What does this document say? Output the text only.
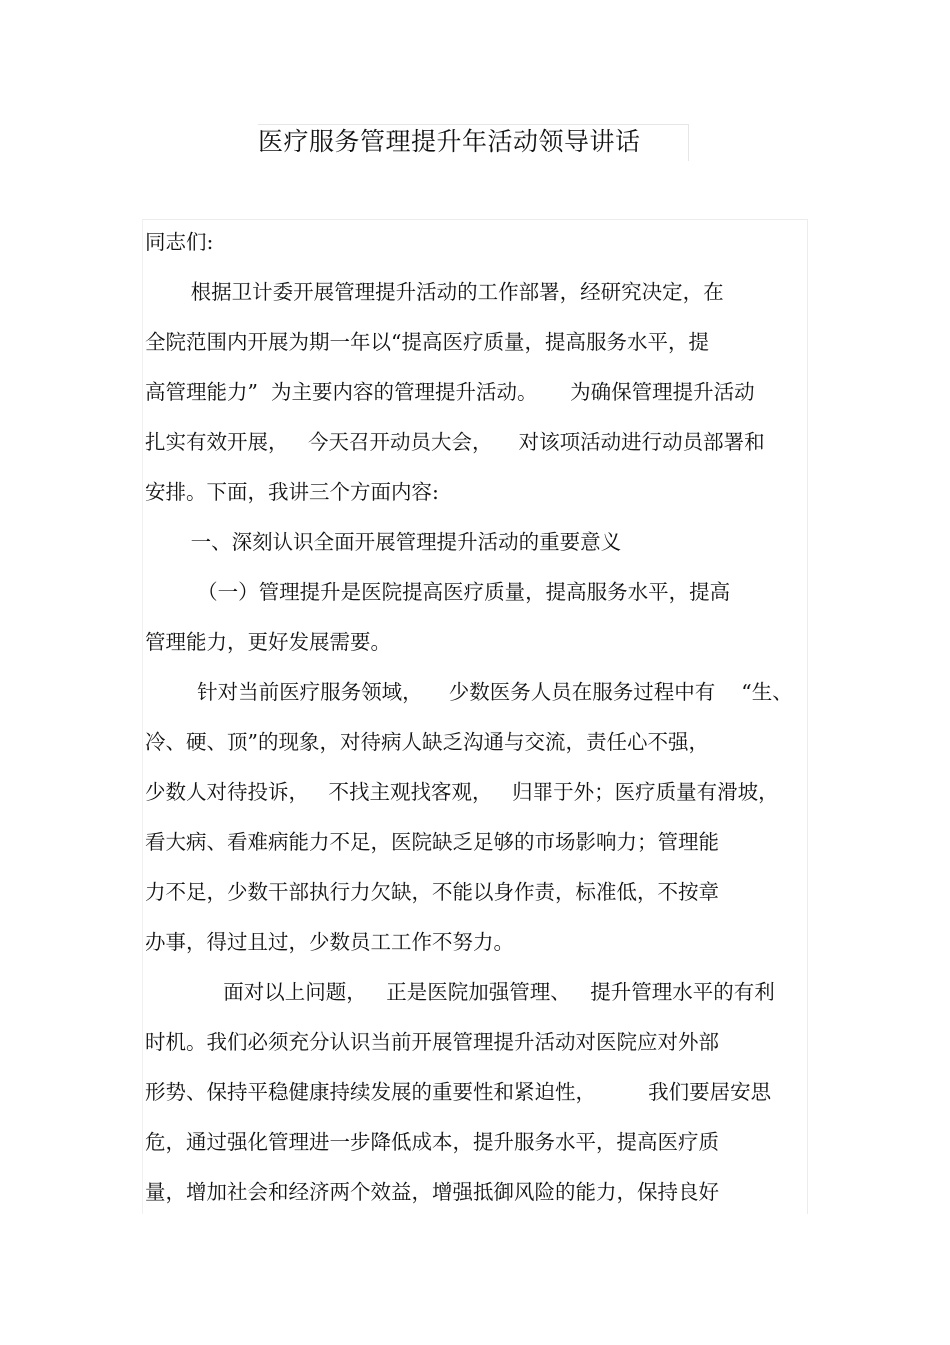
医疗服务管理提升年活动领导讲话
同志们:
根据卫计委开展管理提升活动的工作部署，经研究决定，在
全院范围内开展为期一年以“提高医疗质量，提高服务水平，提
高管理能力”  为主要内容的管理提升活动。     为确保管理提升活动
扎实有效开展，   今天召开动员大会，    对该项活动进行动员部署和
安排。下面，我讲三个方面内容:
一、深刻认识全面开展管理提升活动的重要意义
（一）管理提升是医院提高医疗质量，提高服务水平，提高
管理能力，更好发展需要。
针对当前医疗服务领域，    少数医务人员在服务过程中有    “生、
冷、硬、顶”的现象，对待病人缺乏沟通与交流，责任心不强，
少数人对待投诉，   不找主观找客观，   归罪于外；医疗质量有滑坡，
看大病、看难病能力不足，医院缺乏足够的市场影响力；管理能
力不足，少数干部执行力欠缺，不能以身作责，标准低，不按章
办事，得过且过，少数员工工作不努力。
面对以上问题，   正是医院加强管理、   提升管理水平的有利
时机。我们必须充分认识当前开展管理提升活动对医院应对外部
形势、保持平稳健康持续发展的重要性和紧迫性，        我们要居安思
危，通过强化管理进一步降低成本，提升服务水平，提高医疗质
量，增加社会和经济两个效益，增强抵御风险的能力，保持良好
